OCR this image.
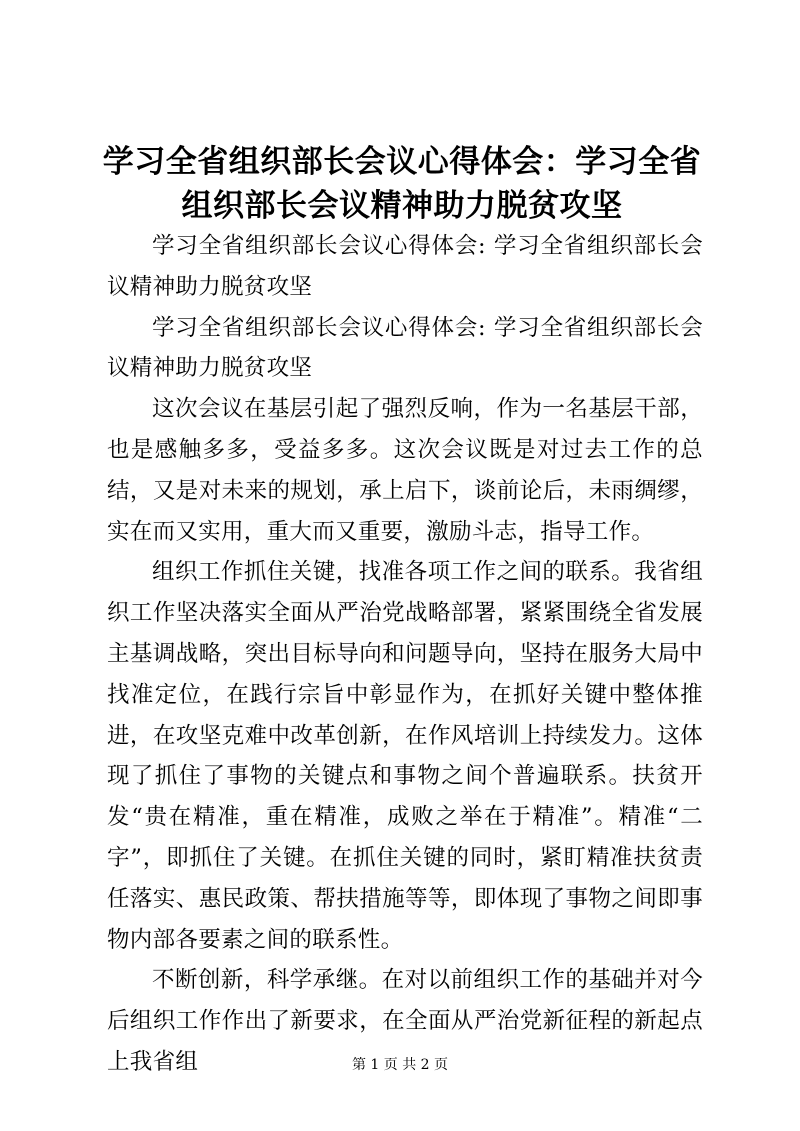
学习全省组织部长会议心得体会：学习全省组织部长会议精神助力脱贫攻坚

学习全省组织部长会议心得体会: 学习全省组织部长会议精神助力脱贫攻坚

学习全省组织部长会议心得体会: 学习全省组织部长会议精神助力脱贫攻坚

这次会议在基层引起了强烈反响，作为一名基层干部，也是感触多多，受益多多。这次会议既是对过去工作的总结，又是对未来的规划，承上启下，谈前论后，未雨绸缪，实在而又实用，重大而又重要，激励斗志，指导工作。

组织工作抓住关键，找准各项工作之间的联系。我省组织工作坚决落实全面从严治党战略部署，紧紧围绕全省发展主基调战略，突出目标导向和问题导向，坚持在服务大局中找准定位，在践行宗旨中彰显作为，在抓好关键中整体推进，在攻坚克难中改革创新，在作风培训上持续发力。这体现了抓住了事物的关键点和事物之间个普遍联系。扶贫开发“贵在精准，重在精准，成败之举在于精准”。精准“二字”，即抓住了关键。在抓住关键的同时，紧盯精准扶贫责任落实、惠民政策、帮扶措施等等，即体现了事物之间即事物内部各要素之间的联系性。

不断创新，科学承继。在对以前组织工作的基础并对今后组织工作作出了新要求，在全面从严治党新征程的新起点上我省组	第 1 页 共 2 页
